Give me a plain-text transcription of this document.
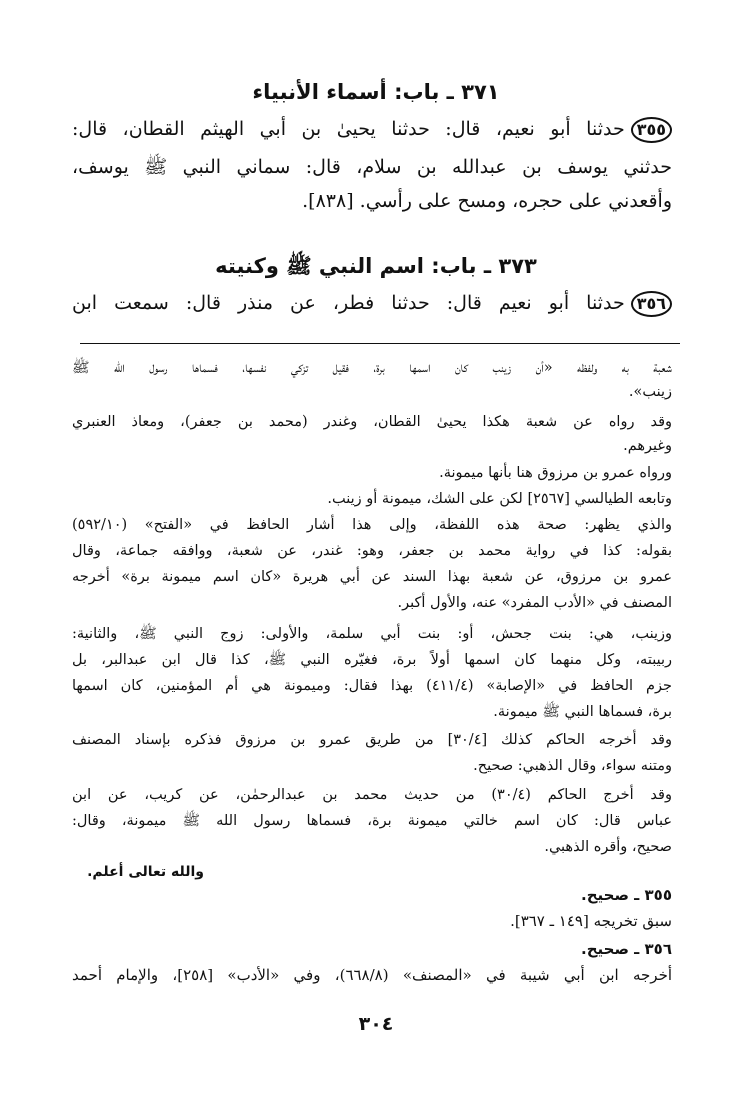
٣٧١ ـ باب: أسماء الأنبياء
٣٥٥حدثنا أبو نعيم، قال: حدثنا يحيىٰ بن أبي الهيثم القطان، قال:
حدثني يوسف بن عبدالله بن سلام، قال: سماني النبي ﷺ يوسف،
وأقعدني على حجره، ومسح على رأسي. [٨٣٨].
٣٧٣ ـ باب: اسم النبي ﷺ وكنيته
٣٥٦حدثنا أبو نعيم قال: حدثنا فطر، عن منذر قال: سمعت ابن
شعبة به ولفظه «أن زينب كان اسمها برة، فقيل تزكي نفسها، فسماها رسول الله ﷺ
زينب».
وقد رواه عن شعبة هكذا يحيىٰ القطان، وغندر (محمد بن جعفر)، ومعاذ العنبري
وغيرهم.
ورواه عمرو بن مرزوق هنا بأنها ميمونة.
وتابعه الطيالسي [٢٥٦٧] لكن على الشك، ميمونة أو زينب.
والذي يظهر: صحة هذه اللفظة، وإلى هذا أشار الحافظ في «الفتح» (٥٩٢/١٠)
بقوله: كذا في رواية محمد بن جعفر، وهو: غندر، عن شعبة، ووافقه جماعة، وقال
عمرو بن مرزوق، عن شعبة بهذا السند عن أبي هريرة «كان اسم ميمونة برة» أخرجه
المصنف في «الأدب المفرد» عنه، والأول أكبر.
وزينب، هي: بنت جحش، أو: بنت أبي سلمة، والأولى: زوج النبي ﷺ، والثانية:
ربيبته، وكل منهما كان اسمها أولاً برة، فغيّره النبي ﷺ، كذا قال ابن عبدالبر، بل
جزم الحافظ في «الإصابة» (٤١١/٤) بهذا فقال: وميمونة هي أم المؤمنين، كان اسمها
برة، فسماها النبي ﷺ ميمونة.
وقد أخرجه الحاكم كذلك [٣٠/٤] من طريق عمرو بن مرزوق فذكره بإسناد المصنف
ومتنه سواء، وقال الذهبي: صحيح.
وقد أخرج الحاكم (٣٠/٤) من حديث محمد بن عبدالرحمٰن، عن كريب، عن ابن
عباس قال: كان اسم خالتي ميمونة برة، فسماها رسول الله ﷺ ميمونة، وقال:
صحيح، وأقره الذهبي.
والله تعالى أعلم.
٣٥٥ ـ صحيح.
سبق تخريجه [١٤٩ ـ ٣٦٧].
٣٥٦ ـ صحيح.
أخرجه ابن أبي شيبة في «المصنف» (٦٦٨/٨)، وفي «الأدب» [٢٥٨]، والإمام أحمد
٣٠٤
